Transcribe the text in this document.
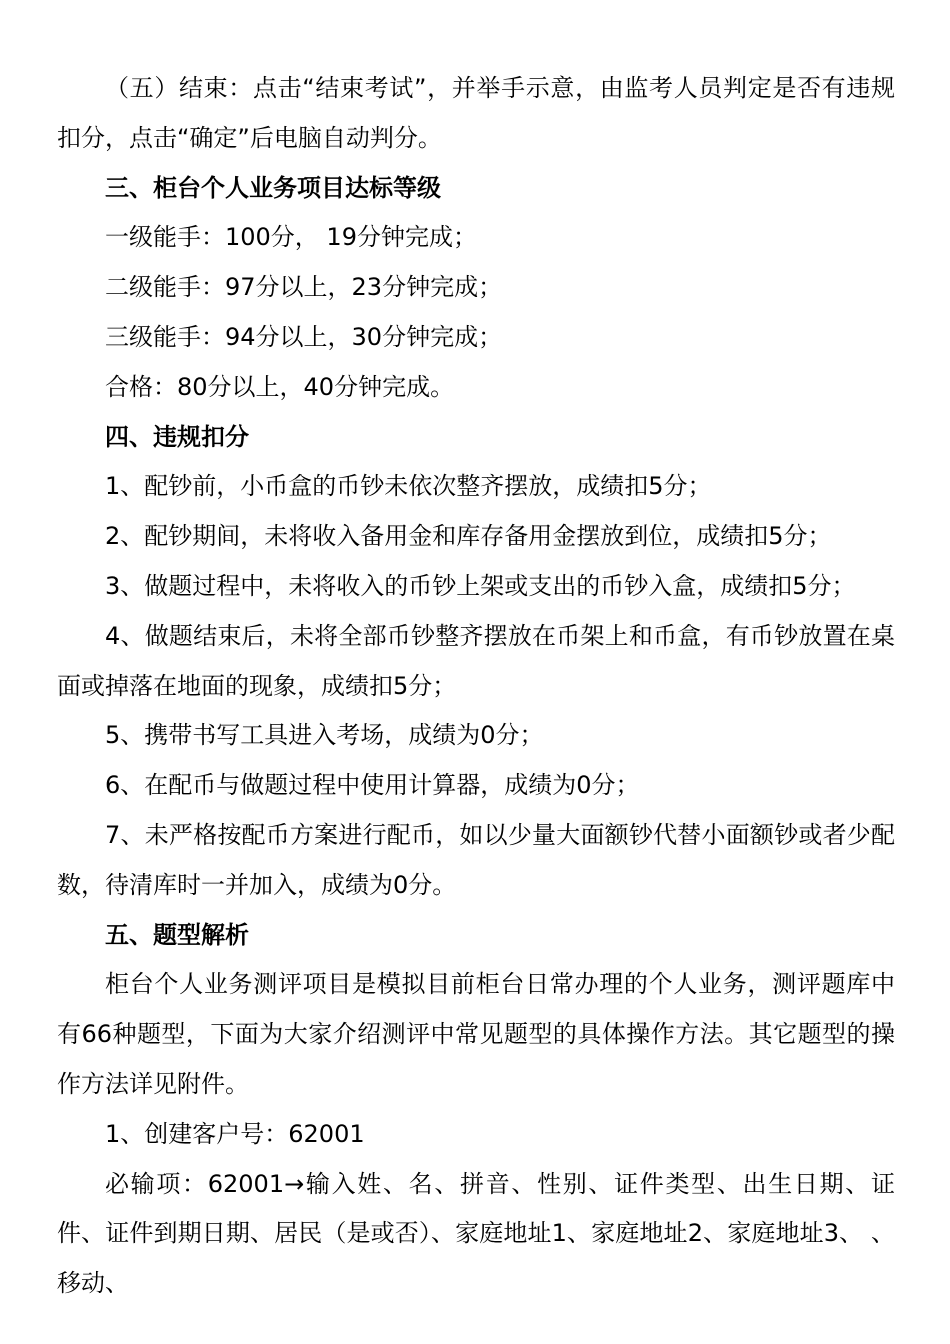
（五）结束：点击“结束考试”，并举手示意，由监考人员判定是否有违规扣分，点击“确定”后电脑自动判分。

三、柜台个人业务项目达标等级

一级能手：100分， 19分钟完成；

二级能手：97分以上，23分钟完成；

三级能手：94分以上，30分钟完成；

合格：80分以上，40分钟完成。

四、违规扣分

1、配钞前，小币盒的币钞未依次整齐摆放，成绩扣5分；

2、配钞期间，未将收入备用金和库存备用金摆放到位，成绩扣5分；

3、做题过程中，未将收入的币钞上架或支出的币钞入盒，成绩扣5分；

4、做题结束后，未将全部币钞整齐摆放在币架上和币盒，有币钞放置在桌面或掉落在地面的现象，成绩扣5分；

5、携带书写工具进入考场，成绩为0分；

6、在配币与做题过程中使用计算器，成绩为0分；

7、未严格按配币方案进行配币，如以少量大面额钞代替小面额钞或者少配数，待清库时一并加入，成绩为0分。

五、题型解析

柜台个人业务测评项目是模拟目前柜台日常办理的个人业务，测评题库中有66种题型，下面为大家介绍测评中常见题型的具体操作方法。其它题型的操作方法详见附件。

1、创建客户号：62001

必输项：62001→输入姓、名、拼音、性别、证件类型、出生日期、证件、证件到期日期、居民（是或否）、家庭地址1、家庭地址2、家庭地址3、 、移动、
